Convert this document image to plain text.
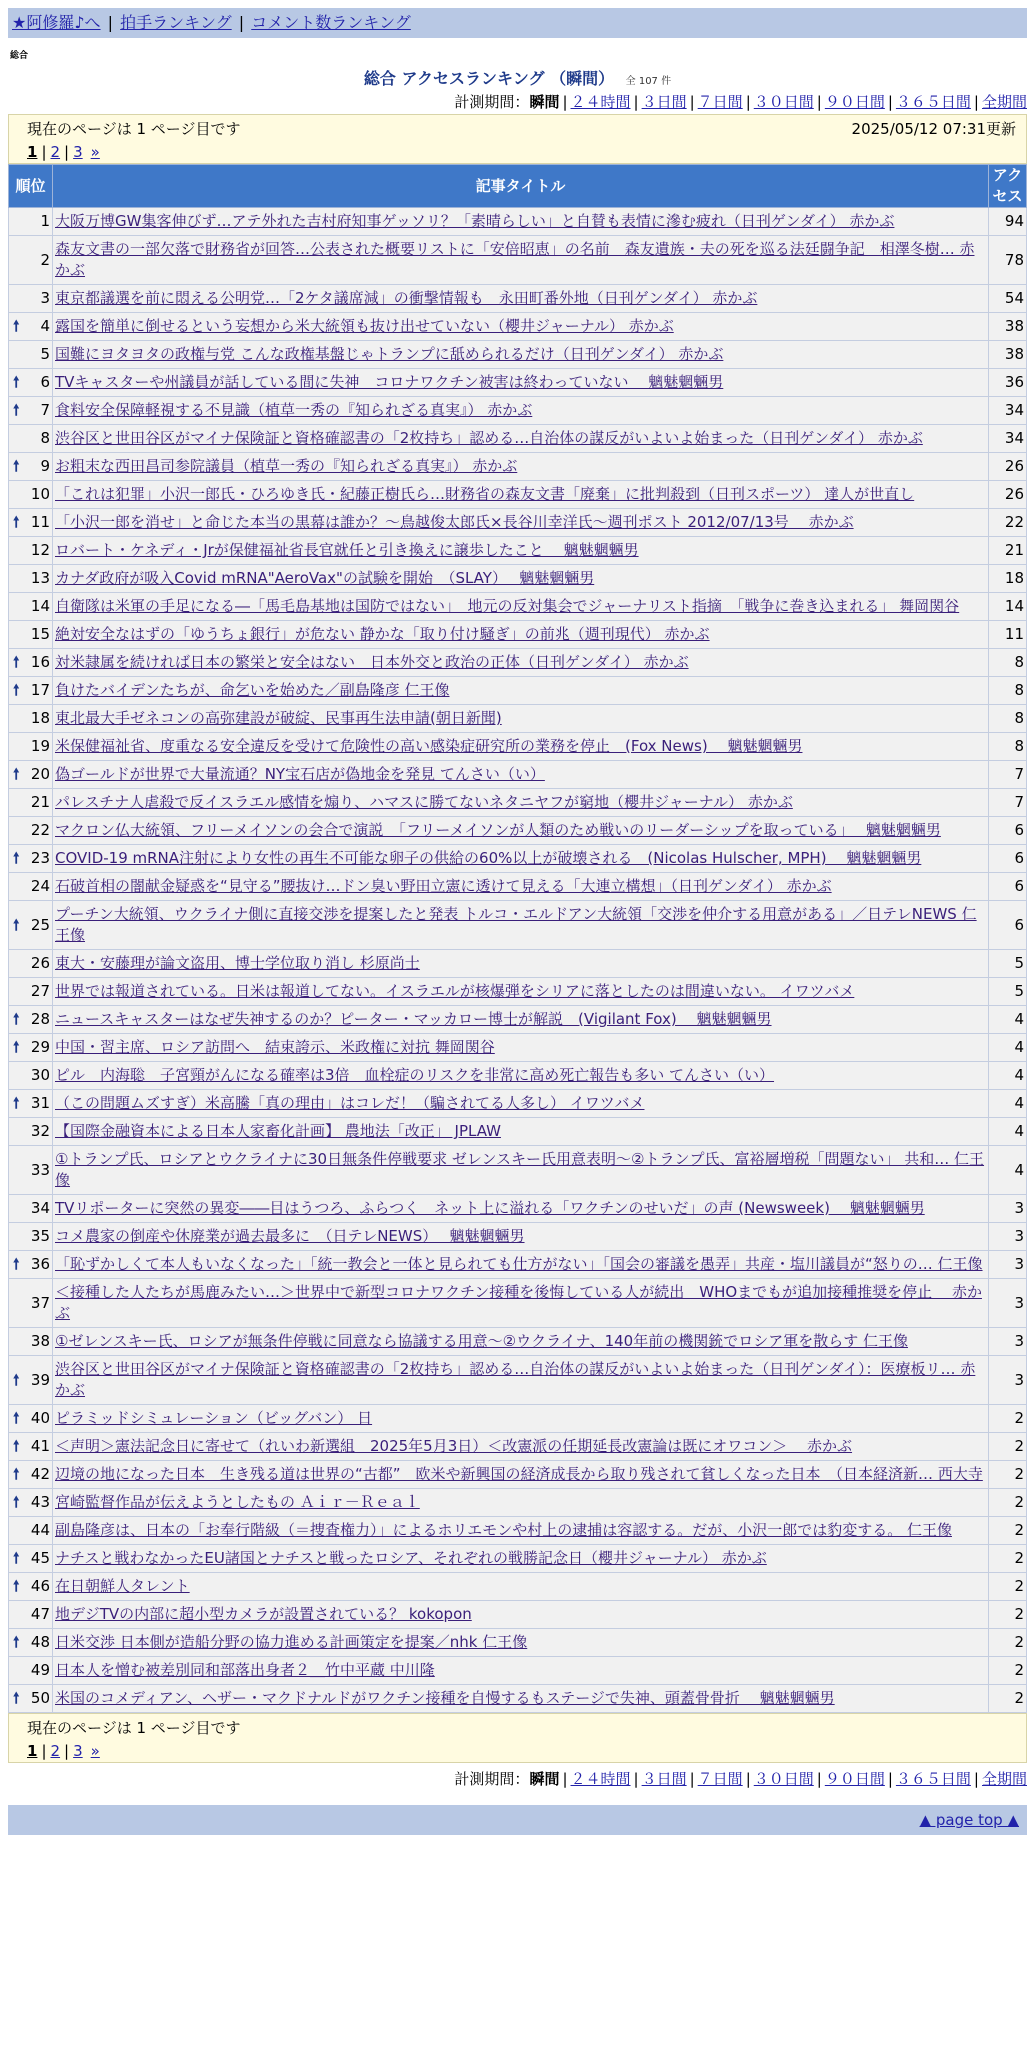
★阿修羅♪へ | 拍手ランキング | コメント数ランキング
総合
総合 アクセスランキング （瞬間） 全 107 件
計測期間：瞬間 | ２４時間 | ３日間 | ７日間 | ３０日間 | ９０日間 | ３６５日間 | 全期間
現在のページは 1 ページ目です	2025/05/12 07:31更新
1 | 2 | 3 »
順位	記事タイトル	アクセス
1	大阪万博GW集客伸びず…アテ外れた吉村府知事ゲッソリ？「素晴らしい」と自賛も表情に滲む疲れ（日刊ゲンダイ） 赤かぶ	94
2	森友文書の一部欠落で財務省が回答…公表された概要リストに「安倍昭恵」の名前　森友遺族・夫の死を巡る法廷闘争記　相澤冬樹… 赤かぶ	78
3	東京都議選を前に悶える公明党…「2ケタ議席減」の衝撃情報も　永田町番外地（日刊ゲンダイ） 赤かぶ	54

🠕 4	露国を簡単に倒せるという妄想から米大統領も抜け出せていない（櫻井ジャーナル） 赤かぶ	38
5	国難にヨタヨタの政権与党 こんな政権基盤じゃトランプに舐められるだけ（日刊ゲンダイ） 赤かぶ	38

🠕 6	TVキャスターや州議員が話している間に失神　コロナワクチン被害は終わっていない　 魑魅魍魎男	36

🠕 7	食料安全保障軽視する不見識（植草一秀の『知られざる真実』） 赤かぶ	34
8	渋谷区と世田谷区がマイナ保険証と資格確認書の「2枚持ち」認める…自治体の謀反がいよいよ始まった（日刊ゲンダイ） 赤かぶ	34

🠕 9	お粗末な西田昌司参院議員（植草一秀の『知られざる真実』） 赤かぶ	26
10	「これは犯罪」小沢一郎氏・ひろゆき氏・紀藤正樹氏ら…財務省の森友文書「廃棄」に批判殺到（日刊スポーツ） 達人が世直し	26

🠕 11	「小沢一郎を消せ」と命じた本当の黒幕は誰か？～鳥越俊太郎氏×長谷川幸洋氏～週刊ポスト 2012/07/13号　 赤かぶ	22
12	ロバート・ケネディ・Jrが保健福祉省長官就任と引き換えに譲歩したこと　 魑魅魍魎男	21
13	カナダ政府が吸入Covid mRNA"AeroVax"の試験を開始　（SLAY）　 魑魅魍魎男	18
14	自衛隊は米軍の手足になる―「馬毛島基地は国防ではない」　地元の反対集会でジャーナリスト指摘　「戦争に巻き込まれる」 舞岡関谷	14
15	絶対安全なはずの「ゆうちょ銀行」が危ない 静かな「取り付け騒ぎ」の前兆（週刊現代） 赤かぶ	11

🠕 16	対米隷属を続ければ日本の繁栄と安全はない　日本外交と政治の正体（日刊ゲンダイ） 赤かぶ	8

🠕 17	負けたバイデンたちが、命乞いを始めた／副島隆彦 仁王像	8
18	東北最大手ゼネコンの高弥建設が破綻、民事再生法申請(朝日新聞)	8
19	米保健福祉省、度重なる安全違反を受けて危険性の高い感染症研究所の業務を停止　(Fox News)　 魑魅魍魎男	8

🠕 20	偽ゴールドが世界で大量流通？NY宝石店が偽地金を発見 てんさい（い）	7
21	パレスチナ人虐殺で反イスラエル感情を煽り、ハマスに勝てないネタニヤフが窮地（櫻井ジャーナル） 赤かぶ	7
22	マクロン仏大統領、フリーメイソンの会合で演説　「フリーメイソンが人類のため戦いのリーダーシップを取っている」　 魑魅魍魎男	6

🠕 23	COVID-19 mRNA注射により女性の再生不可能な卵子の供給の60%以上が破壊される　(Nicolas Hulscher, MPH)　 魑魅魍魎男	6
24	石破首相の闇献金疑惑を“見守る”腰抜け…ドン臭い野田立憲に透けて見える「大連立構想」（日刊ゲンダイ） 赤かぶ	6

🠕 25	プーチン大統領、ウクライナ側に直接交渉を提案したと発表 トルコ・エルドアン大統領「交渉を仲介する用意がある」／日テレNEWS 仁王像	6
26	東大・安藤理が論文盗用、博士学位取り消し 杉原尚士	5
27	世界では報道されている。日米は報道してない。イスラエルが核爆弾をシリアに落としたのは間違いない。 イワツバメ	5

🠕 28	ニュースキャスターはなぜ失神するのか？ピーター・マッカロー博士が解説　(Vigilant Fox)　 魑魅魍魎男	4

🠕 29	中国・習主席、ロシア訪問へ　結束誇示、米政権に対抗 舞岡関谷	4
30	ピル　内海聡　子宮頸がんになる確率は3倍　血栓症のリスクを非常に高め死亡報告も多い てんさい（い）	4

🠕 31	（この問題ムズすぎ）米高騰「真の理由」はコレだ！（騙されてる人多し） イワツバメ	4
32	【国際金融資本による日本人家畜化計画】 農地法「改正」 JPLAW	4
33	①トランプ氏、ロシアとウクライナに30日無条件停戦要求 ゼレンスキー氏用意表明～②トランプ氏、富裕層増税「問題ない」 共和… 仁王像	4
34	TVリポーターに突然の異変――目はうつろ、ふらつく　ネット上に溢れる「ワクチンのせいだ」の声 (Newsweek)　 魑魅魍魎男	3
35	コメ農家の倒産や休廃業が過去最多に　（日テレNEWS）　 魑魅魍魎男	3

🠕 36	「恥ずかしくて本人もいなくなった」「統一教会と一体と見られても仕方がない」「国会の審議を愚弄」共産・塩川議員が“怒りの… 仁王像	3
37	＜接種した人たちが馬鹿みたい…＞世界中で新型コロナワクチン接種を後悔している人が続出　WHOまでもが追加接種推奨を停止　 赤かぶ	3
38	①ゼレンスキー氏、ロシアが無条件停戦に同意なら協議する用意～②ウクライナ、140年前の機関銃でロシア軍を散らす 仁王像	3

🠕 39	渋谷区と世田谷区がマイナ保険証と資格確認書の「2枚持ち」認める…自治体の謀反がいよいよ始まった（日刊ゲンダイ）：医療板リ… 赤かぶ	3

🠕 40	ピラミッドシミュレーション（ビッグバン） 日	2

🠕 41	＜声明＞憲法記念日に寄せて（れいわ新選組　2025年5月3日）＜改憲派の任期延長改憲論は既にオワコン＞　 赤かぶ	2

🠕 42	辺境の地になった日本　生き残る道は世界の“古都”　欧米や新興国の経済成長から取り残されて貧しくなった日本　（日本経済新… 西大寺	2

🠕 43	宮崎監督作品が伝えようとしたもの Ａｉｒ－Ｒｅａｌ	2
44	副島隆彦は、日本の「お奉行階級（＝捜査権力）」によるホリエモンや村上の逮捕は容認する。だが、小沢一郎では豹変する。 仁王像	2

🠕 45	ナチスと戦わなかったEU諸国とナチスと戦ったロシア、それぞれの戦勝記念日（櫻井ジャーナル） 赤かぶ	2

🠕 46	在日朝鮮人タレント	2
47	地デジTVの内部に超小型カメラが設置されている？ kokopon	2

🠕 48	日米交渉 日本側が造船分野の協力進める計画策定を提案／nhk 仁王像	2
49	日本人を憎む被差別同和部落出身者２＿竹中平蔵 中川隆	2

🠕 50	米国のコメディアン、ヘザー・マクドナルドがワクチン接種を自慢するもステージで失神、頭蓋骨骨折　 魑魅魍魎男	2
現在のページは 1 ページ目です
1 | 2 | 3 »
計測期間：瞬間 | ２４時間 | ３日間 | ７日間 | ３０日間 | ９０日間 | ３６５日間 | 全期間
▲ page top ▲
